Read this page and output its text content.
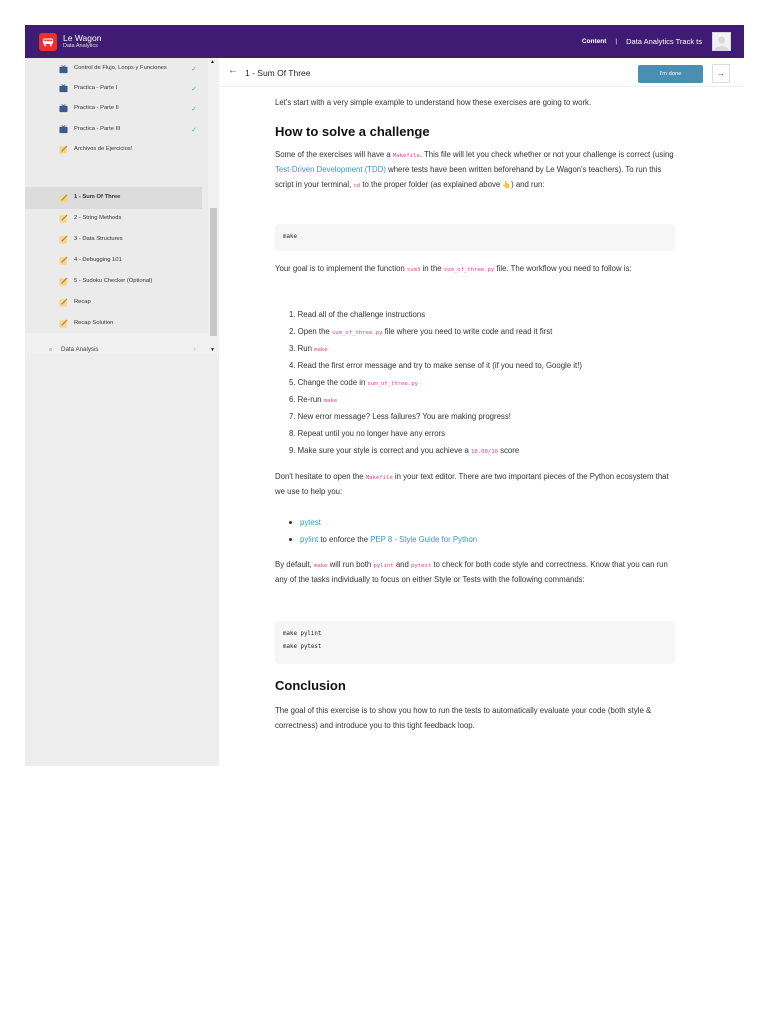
Le Wagon
Data Analytics
Content | Data Analytics Track ts
Control de Flujo, Loops y Funciones	✓
Practica - Parte I	✓
Practica - Parte II	✓
Practica - Parte III	✓
Archivos de Ejercicios!
1 - Sum Of Three
2 - String Methods
3 - Data Structures
4 - Debugging 101
5 - Sudoku Checker (Optional)
Recap
Recap Solution
Data Analysis	›
▲
▼
← 1 - Sum Of Three	I'm done	→

Let's start with a very simple example to understand how these exercises are going to work.

How to solve a challenge

Some of the exercises will have a Makefile. This file will let you check whether or not your challenge is correct (using Test-Driven Development (TDD) where tests have been written beforehand by Le Wagon's teachers). To run this script in your terminal, cd to the proper folder (as explained above 👆) and run:

make

Your goal is to implement the function sum3 in the sum_of_three.py file. The workflow you need to follow is:

1. Read all of the challenge instructions
2. Open the sum_of_three.py file where you need to write code and read it first
3. Run make
4. Read the first error message and try to make sense of it (if you need to, Google it!)
5. Change the code in sum_of_three.py
6. Re-run make
7. New error message? Less failures? You are making progress!
8. Repeat until you no longer have any errors
9. Make sure your style is correct and you achieve a 10.00/10 score

Don't hesitate to open the Makefile in your text editor. There are two important pieces of the Python ecosystem that we use to help you:

pytest
pylint to enforce the PEP 8 - Style Guide for Python

By default, make will run both pylint and pytest to check for both code style and correctness. Know that you can run any of the tasks individually to focus on either Style or Tests with the following commands:

make pylint
make pytest
Conclusion

The goal of this exercise is to show you how to run the tests to automatically evaluate your code (both style & correctness) and introduce you to this tight feedback loop.
